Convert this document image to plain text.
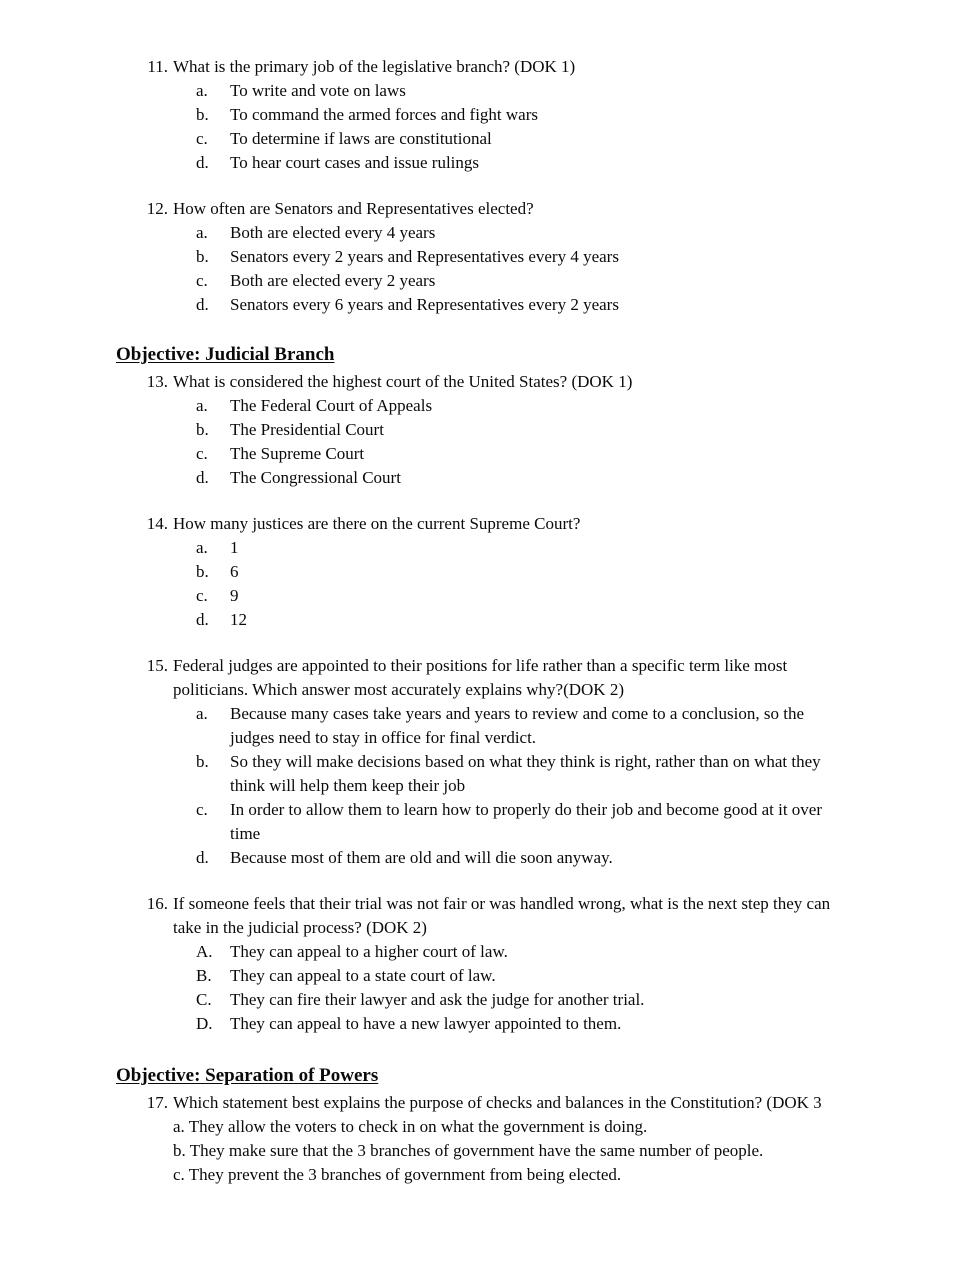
11. What is the primary job of the legislative branch? (DOK 1)
a.	To write and vote on laws
b.	To command the armed forces and fight wars
c.	To determine if laws are constitutional
d.	To hear court cases and issue rulings
12. How often are Senators and Representatives elected?
a.	Both are elected every 4 years
b.	Senators every 2 years and Representatives every 4 years
c.	Both are elected every 2 years
d.	Senators every 6 years and Representatives every 2 years
Objective: Judicial Branch
13. What is considered the highest court of the United States? (DOK 1)
a.	The Federal Court of Appeals
b.	The Presidential Court
c.	The Supreme Court
d.	The Congressional Court
14. How many justices are there on the current Supreme Court?
a.	1
b.	6
c.	9
d.	12
15. Federal judges are appointed to their positions for life rather than a specific term like most politicians. Which answer most accurately explains why?(DOK 2)
a.	Because many cases take years and years to review and come to a conclusion, so the judges need to stay in office for final verdict.
b.	So they will make decisions based on what they think is right, rather than on what they think will help them keep their job
c.	In order to allow them to learn how to properly do their job and become good at it over time
d.	Because most of them are old and will die soon anyway.
16. If someone feels that their trial was not fair or was handled wrong, what is the next step they can take in the judicial process? (DOK 2)
A.	They can appeal to a higher court of law.
B.	They can appeal to a state court of law.
C.	They can fire their lawyer and ask the judge for another trial.
D.	They can appeal to have a new lawyer appointed to them.
Objective: Separation of Powers
17. Which statement best explains the purpose of checks and balances in the Constitution? (DOK 3
a. They allow the voters to check in on what the government is doing.
b. They make sure that the 3 branches of government have the same number of people.
c. They prevent the 3 branches of government from being elected.
